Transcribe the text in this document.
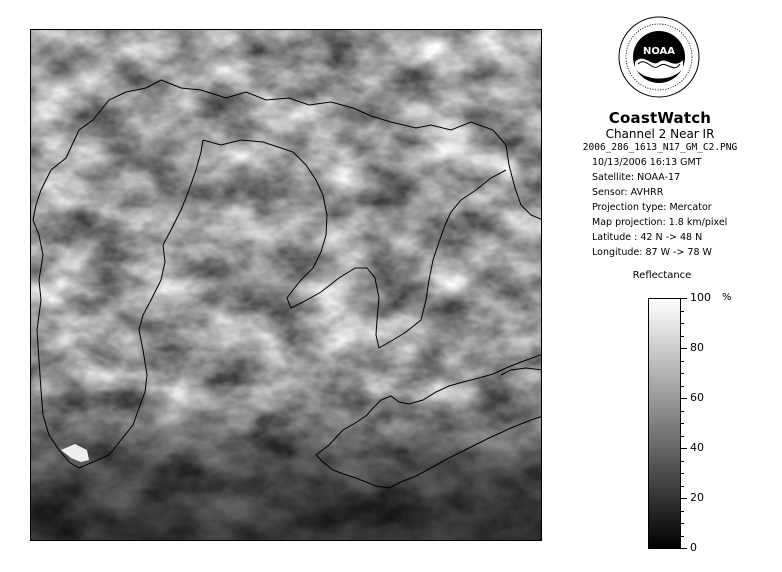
NOAA
CoastWatch
Channel 2 Near IR
2006_286_1613_N17_GM_C2.PNG
10/13/2006 16:13 GMT
Satellite: NOAA-17
Sensor: AVHRR
Projection type: Mercator
Map projection: 1.8 km/pixel
Latitude : 42 N -> 48 N
Longitude: 87 W -> 78 W
Reflectance
%
100
80
60
40
20
0
